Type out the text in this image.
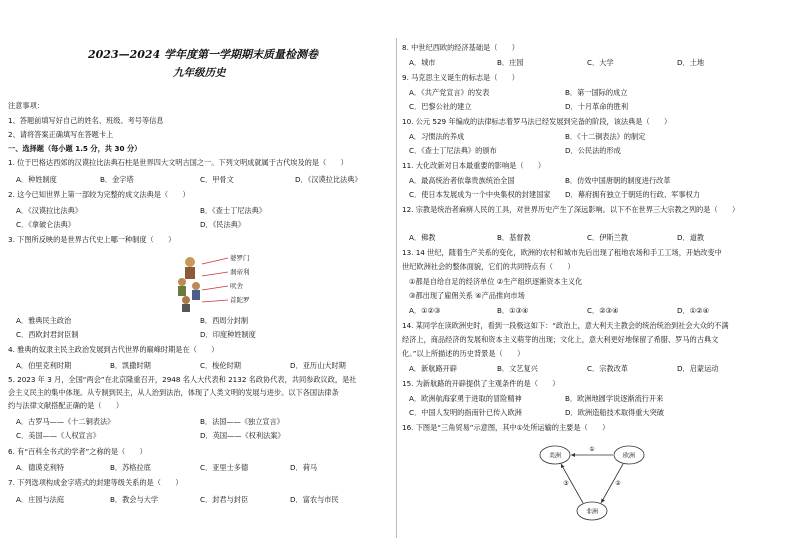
2023—2024 学年度第一学期期末质量检测卷
九年级历史
注意事项：
1、答题前填写好自己的姓名、班级、考号等信息
2、请将答案正确填写在答题卡上
一、选择题（每小题 1.5 分，共 30 分）
1. 位于巴格达西郊的汉谟拉比法典石柱是世界四大文明古国之一。下列文明成就属于古代埃及的是（　　）
A．种姓制度	B．金字塔	C．甲骨文	D．《汉谟拉比法典》
2. 这今已知世界上第一部较为完整的成文法典是（　　）
A．《汉谟拉比法典》	B．《查士丁尼法典》
C．《拿破仑法典》	D．《民法典》
3. 下图所反映的是世界古代史上哪一种制度（　　）
婆罗门
刹帝利
吠舍
首陀罗
A．雅典民主政治	B．西周分封制
C．西欧封君封臣制	D．印度种姓制度
4. 雅典的奴隶主民主政治发展到古代世界的巅峰时期是在（　　）
A．伯里克利时期	B．凯撒时期	C．梭伦时期	D．亚历山大时期
5. 2023 年 3 月，全国“两会”在北京隆重召开，2948 名人大代表和 2132 名政协代表，共同参政议政，是社
会主义民主的集中体现。从专制到民主，从人治到法治，体现了人类文明的发展与进步。以下各国法律条
约与法律文献搭配正确的是（　　）
A．古罗马——《十二铜表法》	B．法国——《独立宣言》
C．美国——《人权宣言》	D．英国——《权利法案》
6. 有“百科全书式的学者”之称的是（　　）
A．德谟克利特	B．苏格拉底	C．亚里士多德	D．荷马
7. 下列选项构成金字塔式的封建等级关系的是（　　）
A．庄园与法庭	B．教会与大学	C．封君与封臣	D．富农与市民
8. 中世纪西欧的经济基础是（　　）
A．城市	B．庄园	C．大学	D．土地
9. 马克思主义诞生的标志是（　　）
A．《共产党宣言》的发表	B．第一国际的成立
C．巴黎公社的建立	D．十月革命的胜利
10. 公元 529 年编成的法律标志着罗马法已经发展到完备的阶段，该法典是（　　）
A．习惯法的养成	B．《十二铜表法》的制定
C．《查士丁尼法典》的颁布	D．公民法的形成
11. 大化改新对日本最重要的影响是（　　）
A．最高统治者依靠贵族统治全国	B．仿效中国唐朝的制度进行改革
C．使日本发展成为一个中央集权的封建国家 D．幕府拥有独立于朝廷的行政、军事权力
12. 宗教是统治者麻痹人民的工具，对世界历史产生了深远影响。以下不在世界三大宗教之列的是（　　）
A．佛教	B．基督教	C．伊斯兰教	D．道教
13. 14 世纪，随着生产关系的变化，欧洲的农村和城市先后出现了租地农场和手工工场，开始改变中
世纪欧洲社会的整体面貌，它们的共同特点有（　　）
①都是自给自足的经济单位 ②生产组织逐渐资本主义化
③都出现了雇佣关系 ④产品推向市场
A．①②③	B．①③④	C．②③④	D．①②④
14. 某同学在读欧洲史时，看到一段极这如下：“政治上，意大利天主教会的统治统治到社会大众的不满
经济上，商品经济的发展和资本主义萌芽的出现；文化上，意大利更好地保留了希腊、罗马的古典文
化。”以上所描述的历史背景是（　　）
A．新航路开辟	B．文艺复兴	C．宗教改革	D．启蒙运动
15. 为新航路的开辟提供了主观条件的是（　　）
A．欧洲航海家勇于进取的冒险精神	B．欧洲地圆学说逐渐流行开来
C．中国人发明的指南针已传入欧洲	D．欧洲造船技术取得重大突破
16. 下图是“三角贸易”示意图，其中①处所运输的主要是（　　）
美洲	欧洲
非洲
①
②
③
